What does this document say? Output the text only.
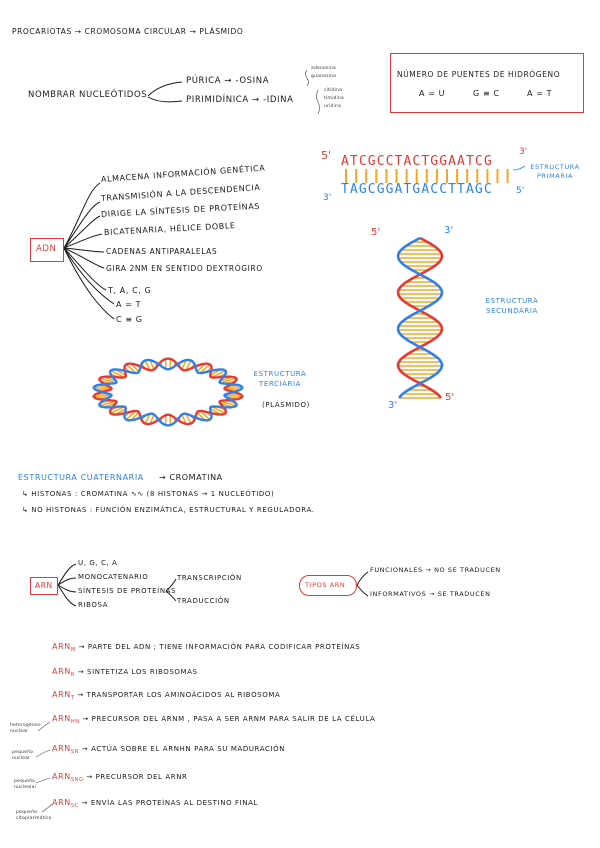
PROCARIOTAS → CROMOSOMA CIRCULAR → PLÁSMIDO
NOMBRAR NUCLEÓTIDOS
PÚRICA → -OSINA
PIRIMIDÍNICA → -IDINA
adenosina
guanosina
citidina
timidina
uridina
NÚMERO DE PUENTES DE HIDRÓGENO
A = U	G ≡ C	A = T
ADN
ALMACENA INFORMACIÓN GENÉTICA
TRANSMISIÓN A LA DESCENDENCIA
DIRIGE LA SÍNTESIS DE PROTEÍNAS
BICATENARIA, HÉLICE DOBLE
CADENAS ANTIPARALELAS
GIRA 2NM EN SENTIDO DEXTRÓGIRO
T, A, C, G
A = T
C ≡ G
5' ATCGCCTACTGGAATCG
3'
3'
TAGCGGATGACCTTAGC	5'
ESTRUCTURA PRIMARIA
5'	3'
3'
5'
ESTRUCTURA SECUNDARIA
ESTRUCTURA TERCIARIA
(PLÁSMIDO)
ESTRUCTURA CUATERNARIA → CROMATINA
↳ HISTONAS : CROMATINA ∿∿ (8 HISTONAS → 1 NUCLEÓTIDO)
↳ NO HISTONAS : FUNCIÓN ENZIMÁTICA, ESTRUCTURAL Y REGULADORA.
ARN
U, G, C, A
MONOCATENARIO
SÍNTESIS DE PROTEÍNAS
RIBOSA
TRANSCRIPCIÓN
TRADUCCIÓN
TIPOS ARN
FUNCIONALES → NO SE TRADUCEN
INFORMATIVOS → SE TRADUCEN
$ARN_M$ → PARTE DEL ADN ; TIENE INFORMACIÓN PARA CODIFICAR PROTEÍNAS
$ARN_R$ → SINTETIZA LOS RIBOSOMAS
$ARN_T$ → TRANSPORTAR LOS AMINOÁCIDOS AL RIBOSOMA
$ARN_{HN}$ → PRECURSOR DEL ARNM , PASA A SER ARNM PARA SALIR DE LA CÉLULA
$ARN_{SN}$ → ACTÚA SOBRE EL ARNHN PARA SU MADURACIÓN
$ARN_{SNO}$ → PRECURSOR DEL ARNR
$ARN_{SC}$ → ENVÍA LAS PROTEÍNAS AL DESTINO FINAL
heterogéneo nuclear
pequeño nuclear
pequeño nucleolar
pequeño citoplasmático
